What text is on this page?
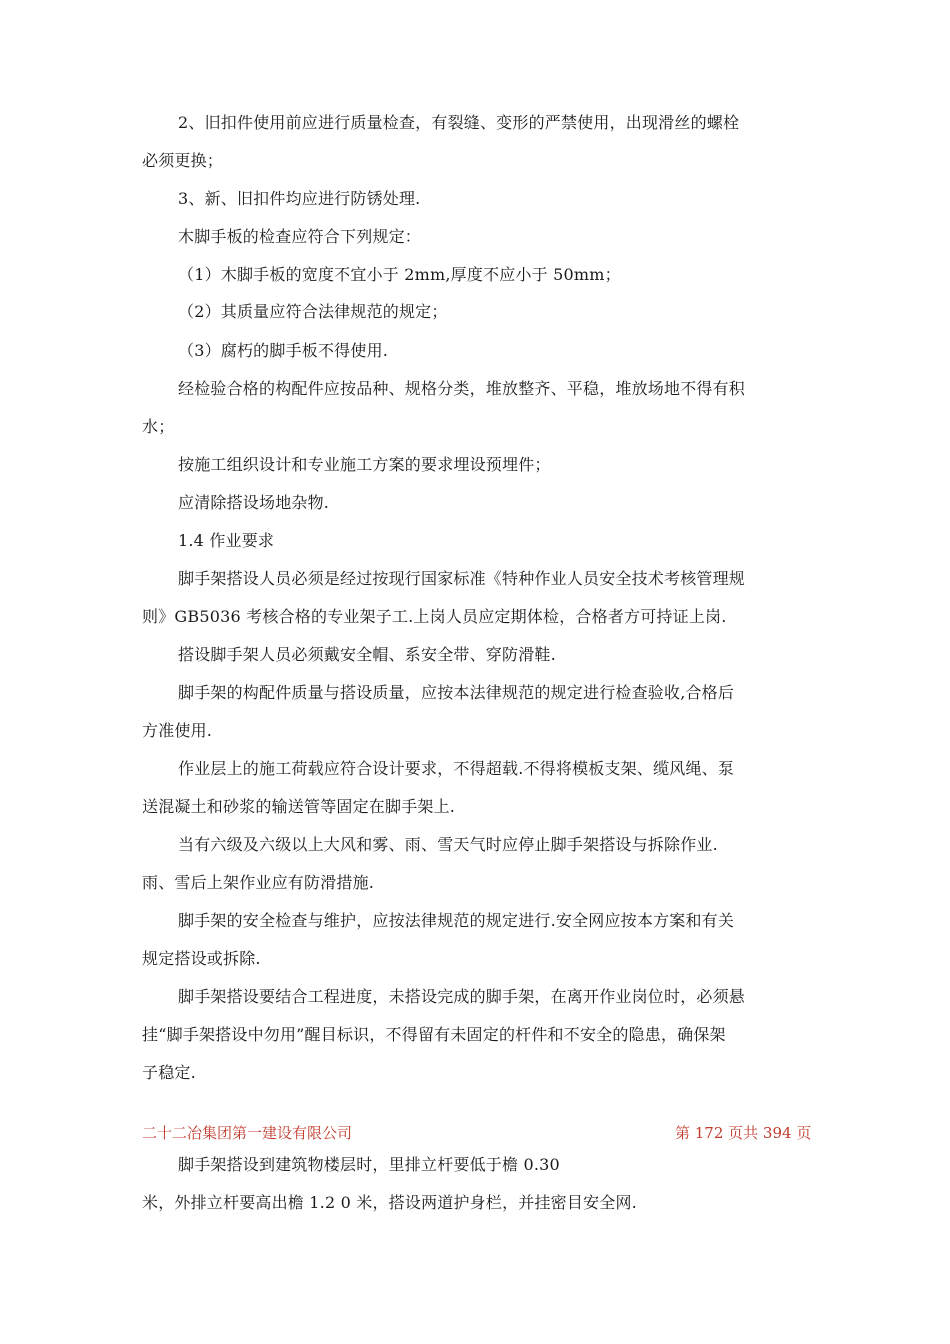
2、旧扣件使用前应进行质量检查，有裂缝、变形的严禁使用，出现滑丝的螺栓
必须更换；
3、新、旧扣件均应进行防锈处理.
木脚手板的检查应符合下列规定：
（1）木脚手板的宽度不宜小于 2mm,厚度不应小于 50mm；
（2）其质量应符合法律规范的规定；
（3）腐朽的脚手板不得使用.
经检验合格的构配件应按品种、规格分类，堆放整齐、平稳，堆放场地不得有积
水；
按施工组织设计和专业施工方案的要求埋设预埋件；
应清除搭设场地杂物.
1.4 作业要求
脚手架搭设人员必须是经过按现行国家标准《特种作业人员安全技术考核管理规
则》GB5036 考核合格的专业架子工.上岗人员应定期体检，合格者方可持证上岗.
搭设脚手架人员必须戴安全帽、系安全带、穿防滑鞋.
脚手架的构配件质量与搭设质量，应按本法律规范的规定进行检查验收,合格后
方准使用.
作业层上的施工荷载应符合设计要求，不得超载.不得将模板支架、缆风绳、泵
送混凝土和砂浆的输送管等固定在脚手架上.
当有六级及六级以上大风和雾、雨、雪天气时应停止脚手架搭设与拆除作业.
雨、雪后上架作业应有防滑措施.
脚手架的安全检查与维护，应按法律规范的规定进行.安全网应按本方案和有关
规定搭设或拆除.
脚手架搭设要结合工程进度，未搭设完成的脚手架，在离开作业岗位时，必须悬
挂“脚手架搭设中勿用”醒目标识，不得留有未固定的杆件和不安全的隐患，确保架
子稳定.
二十二冶集团第一建设有限公司	第 172 页共 394 页
脚手架搭设到建筑物楼层时，里排立杆要低于檐 0.30
米，外排立杆要高出檐 1.2 0 米，搭设两道护身栏，并挂密目安全网.
